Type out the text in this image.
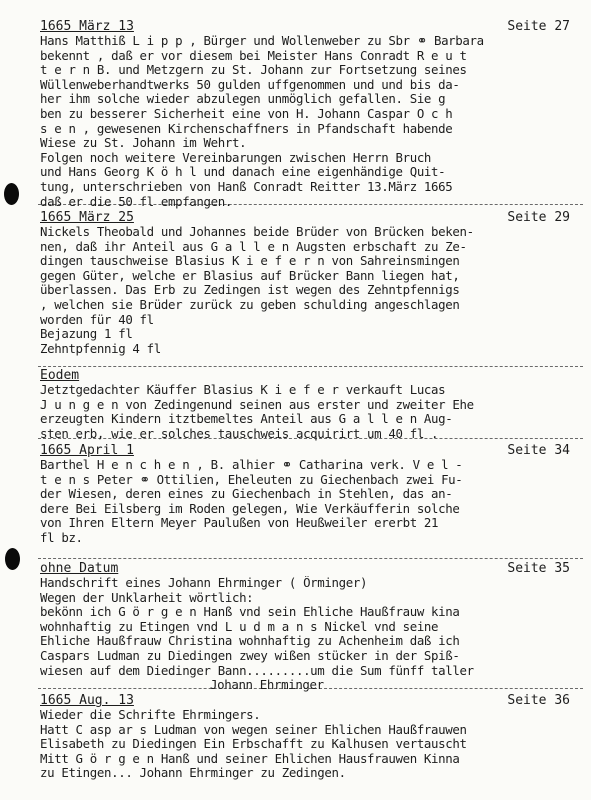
1665 März 13	Seite 27
Hans Matthiß L i p p , Bürger und Wollenweber zu Sbr ⚭ Barbara
bekennt , daß er vor diesem bei Meister Hans Conradt R e u t
t e r n B. und Metzgern zu St. Johann zur Fortsetzung seines
Wüllenweberhandtwerks 50 gulden uffgenommen und und bis da-
her ihm solche wieder abzulegen unmöglich gefallen. Sie g
ben zu besserer Sicherheit eine von H. Johann Caspar O c h
s e n , gewesenen Kirchenschaffners in Pfandschaft habende
Wiese zu St. Johann im Wehrt.
Folgen noch weitere Vereinbarungen zwischen Herrn Bruch
und Hans Georg K ö h l und danach eine eigenhändige Quit-
tung, unterschrieben von Hanß Conradt Reitter 13.März 1665
daß er die 50 fl empfangen.
1665 März 25	Seite 29
Nickels Theobald und Johannes beide Brüder von Brücken beken-
nen, daß ihr Anteil aus G a l l e n Augsten erbschaft zu Ze-
dingen tauschweise Blasius K i e f e r n von Sahreinsmingen
gegen Güter, welche er Blasius auf Brücker Bann liegen hat,
überlassen. Das Erb zu Zedingen ist wegen des Zehntpfennigs
, welchen sie Brüder zurück zu geben schulding angeschlagen
worden für 40 fl
Bejazung 1 fl
Zehntpfennig 4 fl
Eodem
Jetztgedachter Käuffer Blasius K i e f e r verkauft Lucas
J u n g e n von Zedingenund seinen aus erster und zweiter Ehe
erzeugten Kindern itztbemeltes Anteil aus G a l l e n Aug-
sten erb, wie er solches tauschweis acquirirt um 40 fl .
1665 April 1	Seite 34
Barthel H e n c h e n , B. alhier ⚭ Catharina verk. V e l -
t e n s Peter ⚭ Ottilien, Eheleuten zu Giechenbach zwei Fu-
der Wiesen, deren eines zu Giechenbach in Stehlen, das an-
dere Bei Eilsberg im Roden gelegen, Wie Verkäufferin solche
von Ihren Eltern Meyer Paulußen von Heußweiler ererbt 21
fl bz.
ohne Datum	Seite 35
Handschrift eines Johann Ehrminger ( Örminger)
Wegen der Unklarheit wörtlich:
bekönn ich G ö r g e n Hanß vnd sein Ehliche Haußfrauw kina
wohnhaftig zu Etingen vnd L u d m a n s Nickel vnd seine
Ehliche Haußfrauw Christina wohnhaftig zu Achenheim daß ich
Caspars Ludman zu Diedingen zwey wißen stücker in der Spiß-
wiesen auf dem Diedinger Bann.........um die Sum fünff taller
Johann Ehrminger
1665 Aug. 13	Seite 36
Wieder die Schrifte Ehrmingers.
Hatt C asp ar s Ludman von wegen seiner Ehlichen Haußfrauwen
Elisabeth zu Diedingen Ein Erbschafft zu Kalhusen vertauscht
Mitt G ö r g e n Hanß und seiner Ehlichen Hausfrauwen Kinna
zu Etingen... Johann Ehrminger zu Zedingen.
